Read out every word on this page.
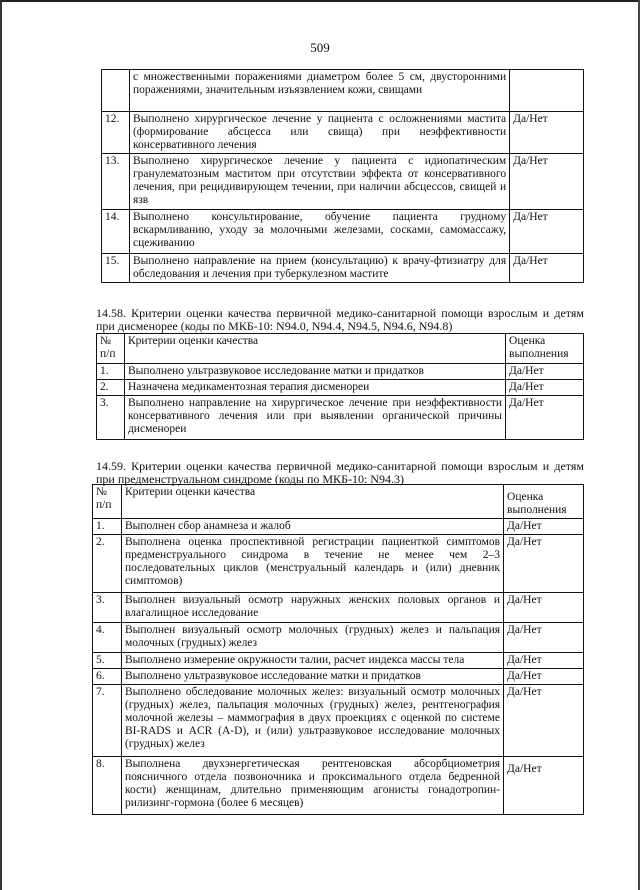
509
	с множественными поражениями диаметром более 5 см, двусторонними поражениями, значительным изъязвлением кожи, свищами	
12.	Выполнено хирургическое лечение у пациента с осложнениями мастита (формирование абсцесса или свища) при неэффективности консервативного лечения	Да/Нет
13.	Выполнено хирургическое лечение у пациента с идиопатическим гранулематозным маститом при отсутствии эффекта от консервативного лечения, при рецидивирующем течении, при наличии абсцессов, свищей и язв	Да/Нет
14.	Выполнено консультирование, обучение пациента грудному вскармливанию, уходу за молочными железами, сосками, самомассажу, сцеживанию	Да/Нет
15.	Выполнено направление на прием (консультацию) к врачу-фтизиатру для обследования и лечения при туберкулезном мастите	Да/Нет
14.58. Критерии оценки качества первичной медико-санитарной помощи взрослым и детям при дисменорее (коды по МКБ-10: N94.0, N94.4, N94.5, N94.6, N94.8)
№ п/п	Критерии оценки качества	Оценка выполнения
1.	Выполнено ультразвуковое исследование матки и придатков	Да/Нет
2.	Назначена медикаментозная терапия дисменореи	Да/Нет
3.	Выполнено направление на хирургическое лечение при неэффективности консервативного лечения или при выявлении органической причины дисменореи	Да/Нет
14.59. Критерии оценки качества первичной медико-санитарной помощи взрослым и детям при предменструальном синдроме (коды по МКБ-10: N94.3)
№ п/п	Критерии оценки качества	Оценка выполнения
1.	Выполнен сбор анамнеза и жалоб	Да/Нет
2.	Выполнена оценка проспективной регистрации пациенткой симптомов предменструального синдрома в течение не менее чем 2–3 последовательных циклов (менструальный календарь и (или) дневник симптомов)	Да/Нет
3.	Выполнен визуальный осмотр наружных женских половых органов и влагалищное исследование	Да/Нет
4.	Выполнен визуальный осмотр молочных (грудных) желез и пальпация молочных (грудных) желез	Да/Нет
5.	Выполнено измерение окружности талии, расчет индекса массы тела	Да/Нет
6.	Выполнено ультразвуковое исследование матки и придатков	Да/Нет
7.	Выполнено обследование молочных желез: визуальный осмотр молочных (грудных) желез, пальпация молочных (грудных) желез, рентгенография молочной железы – маммография в двух проекциях с оценкой по системе BI-RADS и ACR (A-D), и (или) ультразвуковое исследование молочных (грудных) желез	Да/Нет
8.	Выполнена двухэнергетическая рентгеновская абсорбциометрия поясничного отдела позвоночника и проксимального отдела бедренной кости) женщинам, длительно применяющим агонисты гонадотропин-рилизинг-гормона (более 6 месяцев)	Да/Нет
